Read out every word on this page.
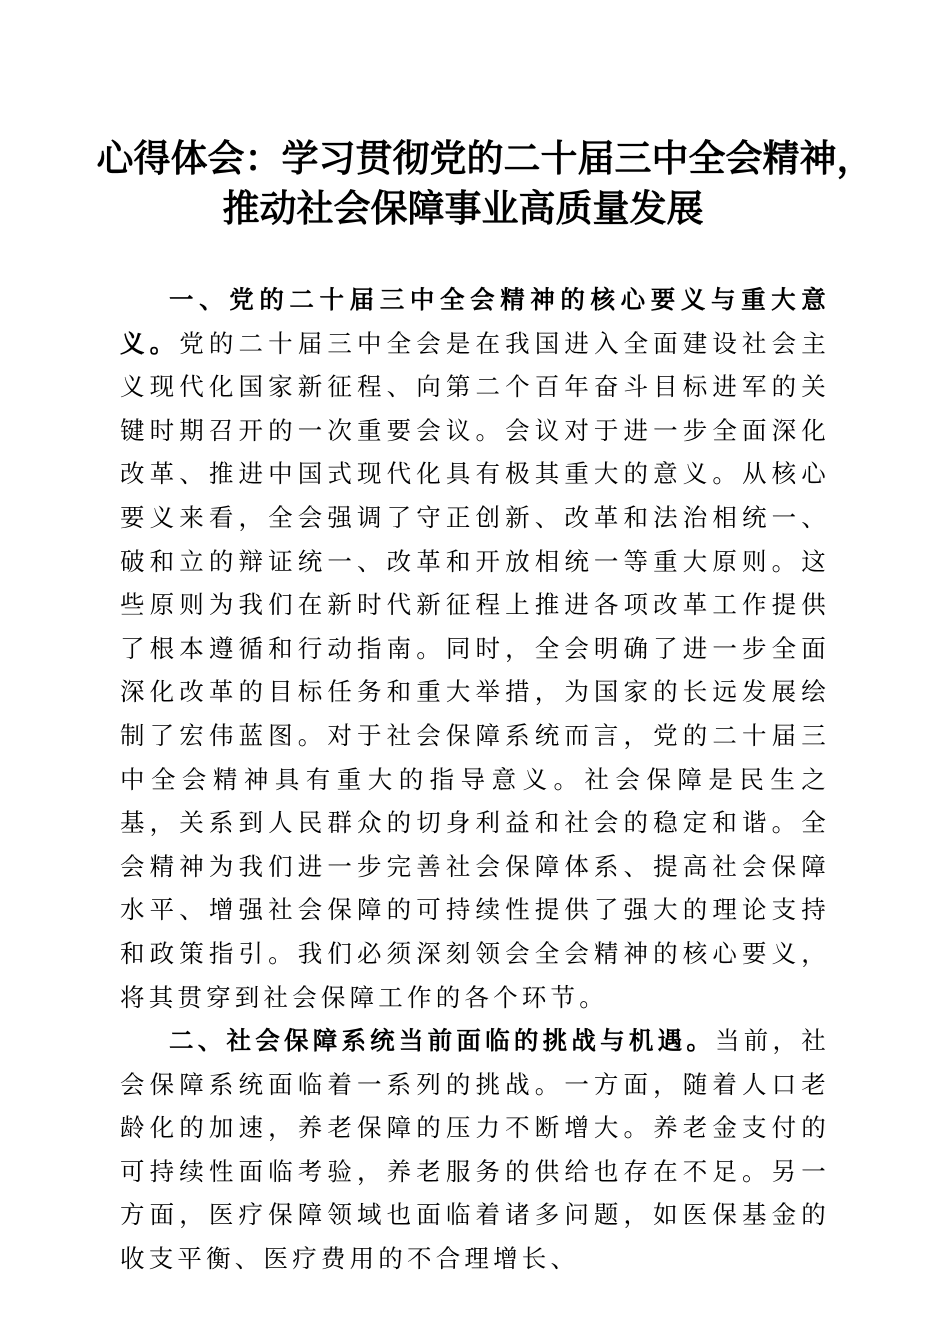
心得体会：学习贯彻党的二十届三中全会精神，
推动社会保障事业高质量发展

一、党的二十届三中全会精神的核心要义与重大意义。党的二十届三中全会是在我国进入全面建设社会主义现代化国家新征程、向第二个百年奋斗目标进军的关键时期召开的一次重要会议。会议对于进一步全面深化改革、推进中国式现代化具有极其重大的意义。从核心要义来看，全会强调了守正创新、改革和法治相统一、破和立的辩证统一、改革和开放相统一等重大原则。这些原则为我们在新时代新征程上推进各项改革工作提供了根本遵循和行动指南。同时，全会明确了进一步全面深化改革的目标任务和重大举措，为国家的长远发展绘制了宏伟蓝图。对于社会保障系统而言，党的二十届三中全会精神具有重大的指导意义。社会保障是民生之基，关系到人民群众的切身利益和社会的稳定和谐。全会精神为我们进一步完善社会保障体系、提高社会保障水平、增强社会保障的可持续性提供了强大的理论支持和政策指引。我们必须深刻领会全会精神的核心要义，将其贯穿到社会保障工作的各个环节。

二、社会保障系统当前面临的挑战与机遇。当前，社会保障系统面临着一系列的挑战。一方面，随着人口老龄化的加速，养老保障的压力不断增大。养老金支付的可持续性面临考验，养老服务的供给也存在不足。另一方面，医疗保障领域也面临着诸多问题，如医保基金的收支平衡、医疗费用的不合理增长、
